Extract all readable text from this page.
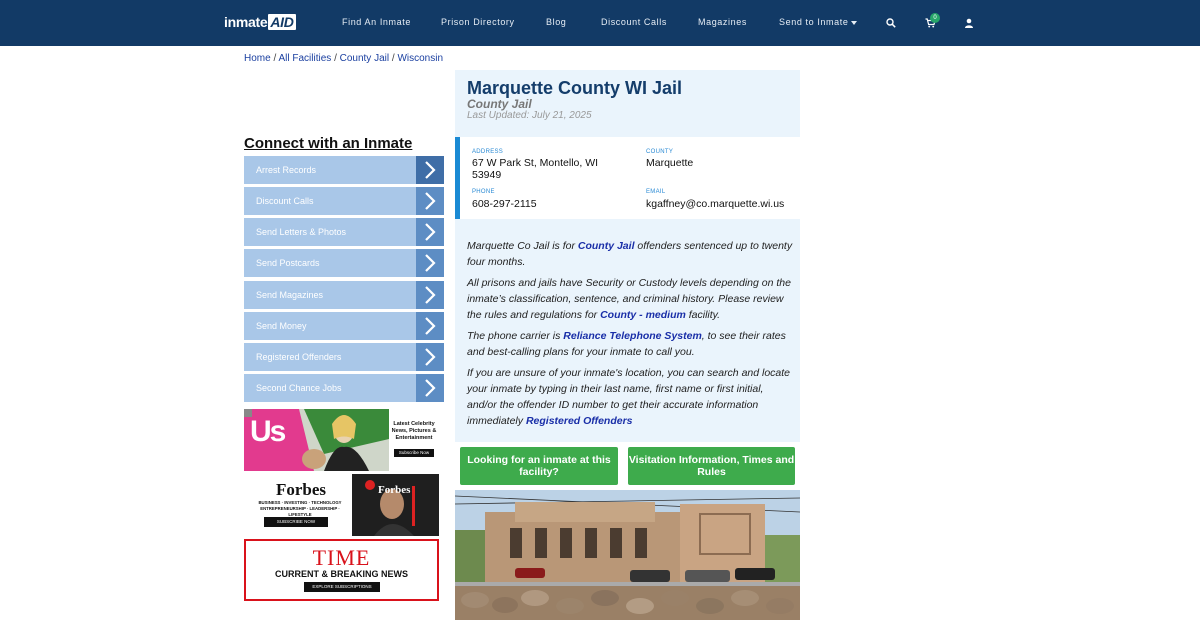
inmate AID	Find An Inmate	Prison Directory	Blog	Discount Calls	Magazines	Send to Inmate	0
Home / All Facilities / County Jail / Wisconsin
Connect with an Inmate
Arrest Records
Discount Calls
Send Letters & Photos
Send Postcards
Send Magazines
Send Money
Registered Offenders
Second Chance Jobs
Us	Latest Celebrity
News, Pictures &
Entertainment
Subscribe Now
Forbes	Forbes
BUSINESS · INVESTING · TECHNOLOGY
ENTREPRENEURSHIP · LEADERSHIP · LIFESTYLE
SUBSCRIBE NOW
TIME
CURRENT & BREAKING NEWS
EXPLORE SUBSCRIPTIONS
Marquette County WI Jail
County Jail
Last Updated: July 21, 2025
ADDRESS
67 W Park St, Montello, WI
53949
COUNTY
Marquette
PHONE
608-297-2115
EMAIL
kgaffney@co.marquette.wi.us
Marquette Co Jail is for County Jail offenders sentenced up to twenty four months.
All prisons and jails have Security or Custody levels depending on the inmate’s classification, sentence, and criminal history. Please review the rules and regulations for County - medium facility.
The phone carrier is Reliance Telephone System, to see their rates and best-calling plans for your inmate to call you.
If you are unsure of your inmate's location, you can search and locate your inmate by typing in their last name, first name or first initial, and/or the offender ID number to get their accurate information immediately Registered Offenders
Looking for an inmate at this facility?
Visitation Information, Times and Rules
